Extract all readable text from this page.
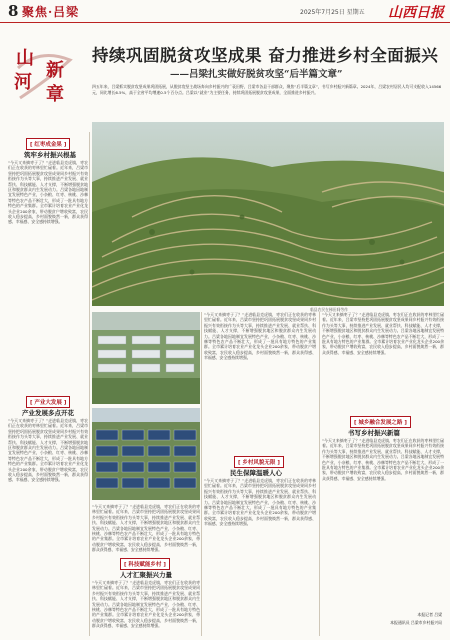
8 聚焦·吕梁	2025年7月25日 星期五 山西日报
山
河
新
章
持续巩固脱贫攻坚成果 奋力推进乡村全面振兴
——吕梁扎实做好脱贫攻坚“后半篇文章”
四五年来，吕梁抓实脱贫攻坚成果巩固拓展，从脱贫攻坚主战场奔向乡村振兴的广袤田野，吕梁市各县干部群众，聚焦“后半篇文章”，书写乡村振兴新篇章。2024年，吕梁农村居民人均可支配收入14566元，同比增长6.5%，高于全省平均增速0.5个百分点。吕梁以“就业”为主要任务，持续巩固拓展脱贫攻坚成果，全面推进乡村振兴。
临县农民在梯田间劳作
[ 红枣成金果 ]
筑牢乡村振兴根基
“今天又来摘枣子了？”走进临县克虎镇，枣农们正在收获的枣林里忙碌着。近年来，吕梁市坚持把巩固拓展脱贫攻坚成果同乡村振兴有效衔接作为头等大事，持续推进产业发展、就业帮扶、科技赋能、人才支撑，不断增强脱贫地区和脱贫群众内生发展动力。吕梁各地因地制宜发展特色产业，小杂粮、红枣、核桃、沙棘等特色农产品不断壮大，形成了一批具有地方特色的产业集群。全市累计培育农业产业化龙头企业200余家，带动脱贫户增收致富，农民收入稳步提高，乡村面貌焕然一新，群众获得感、幸福感、安全感持续增强。
[ 产业大发展 ]
产业发展多点开花
“今天又来摘枣子了？”走进临县克虎镇，枣农们正在收获的枣林里忙碌着。近年来，吕梁市坚持把巩固拓展脱贫攻坚成果同乡村振兴有效衔接作为头等大事，持续推进产业发展、就业帮扶、科技赋能、人才支撑，不断增强脱贫地区和脱贫群众内生发展动力。吕梁各地因地制宜发展特色产业，小杂粮、红枣、核桃、沙棘等特色农产品不断壮大，形成了一批具有地方特色的产业集群。全市累计培育农业产业化龙头企业200余家，带动脱贫户增收致富，农民收入稳步提高，乡村面貌焕然一新，群众获得感、幸福感、安全感持续增强。
“今天又来摘枣子了？”走进临县克虎镇，枣农们正在收获的枣林里忙碌着。近年来，吕梁市坚持把巩固拓展脱贫攻坚成果同乡村振兴有效衔接作为头等大事，持续推进产业发展、就业帮扶、科技赋能、人才支撑，不断增强脱贫地区和脱贫群众内生发展动力。吕梁各地因地制宜发展特色产业，小杂粮、红枣、核桃、沙棘等特色农产品不断壮大，形成了一批具有地方特色的产业集群。全市累计培育农业产业化龙头企业200余家，带动脱贫户增收致富，农民收入稳步提高，乡村面貌焕然一新，群众获得感、幸福感、安全感持续增强。
[ 科技赋能乡村 ]
人才汇聚振兴力量
“今天又来摘枣子了？”走进临县克虎镇，枣农们正在收获的枣林里忙碌着。近年来，吕梁市坚持把巩固拓展脱贫攻坚成果同乡村振兴有效衔接作为头等大事，持续推进产业发展、就业帮扶、科技赋能、人才支撑，不断增强脱贫地区和脱贫群众内生发展动力。吕梁各地因地制宜发展特色产业，小杂粮、红枣、核桃、沙棘等特色农产品不断壮大，形成了一批具有地方特色的产业集群。全市累计培育农业产业化龙头企业200余家，带动脱贫户增收致富，农民收入稳步提高，乡村面貌焕然一新，群众获得感、幸福感、安全感持续增强。
“今天又来摘枣子了？”走进临县克虎镇，枣农们正在收获的枣林里忙碌着。近年来，吕梁市坚持把巩固拓展脱贫攻坚成果同乡村振兴有效衔接作为头等大事，持续推进产业发展、就业帮扶、科技赋能、人才支撑，不断增强脱贫地区和脱贫群众内生发展动力。吕梁各地因地制宜发展特色产业，小杂粮、红枣、核桃、沙棘等特色农产品不断壮大，形成了一批具有地方特色的产业集群。全市累计培育农业产业化龙头企业200余家，带动脱贫户增收致富，农民收入稳步提高，乡村面貌焕然一新，群众获得感、幸福感、安全感持续增强。
[ 乡村风貌无限 ]
民生保障温暖人心
“今天又来摘枣子了？”走进临县克虎镇，枣农们正在收获的枣林里忙碌着。近年来，吕梁市坚持把巩固拓展脱贫攻坚成果同乡村振兴有效衔接作为头等大事，持续推进产业发展、就业帮扶、科技赋能、人才支撑，不断增强脱贫地区和脱贫群众内生发展动力。吕梁各地因地制宜发展特色产业，小杂粮、红枣、核桃、沙棘等特色农产品不断壮大，形成了一批具有地方特色的产业集群。全市累计培育农业产业化龙头企业200余家，带动脱贫户增收致富，农民收入稳步提高，乡村面貌焕然一新，群众获得感、幸福感、安全感持续增强。
“今天又来摘枣子了？”走进临县克虎镇，枣农们正在收获的枣林里忙碌着。近年来，吕梁市坚持把巩固拓展脱贫攻坚成果同乡村振兴有效衔接作为头等大事，持续推进产业发展、就业帮扶、科技赋能、人才支撑，不断增强脱贫地区和脱贫群众内生发展动力。吕梁各地因地制宜发展特色产业，小杂粮、红枣、核桃、沙棘等特色农产品不断壮大，形成了一批具有地方特色的产业集群。全市累计培育农业产业化龙头企业200余家，带动脱贫户增收致富，农民收入稳步提高，乡村面貌焕然一新，群众获得感、幸福感、安全感持续增强。
[ 城乡融合发展之路 ]
书写乡村振兴新篇
“今天又来摘枣子了？”走进临县克虎镇，枣农们正在收获的枣林里忙碌着。近年来，吕梁市坚持把巩固拓展脱贫攻坚成果同乡村振兴有效衔接作为头等大事，持续推进产业发展、就业帮扶、科技赋能、人才支撑，不断增强脱贫地区和脱贫群众内生发展动力。吕梁各地因地制宜发展特色产业，小杂粮、红枣、核桃、沙棘等特色农产品不断壮大，形成了一批具有地方特色的产业集群。全市累计培育农业产业化龙头企业200余家，带动脱贫户增收致富，农民收入稳步提高，乡村面貌焕然一新，群众获得感、幸福感、安全感持续增强。
本报记者 吕梁
本报通讯员 吕梁市乡村振兴局
